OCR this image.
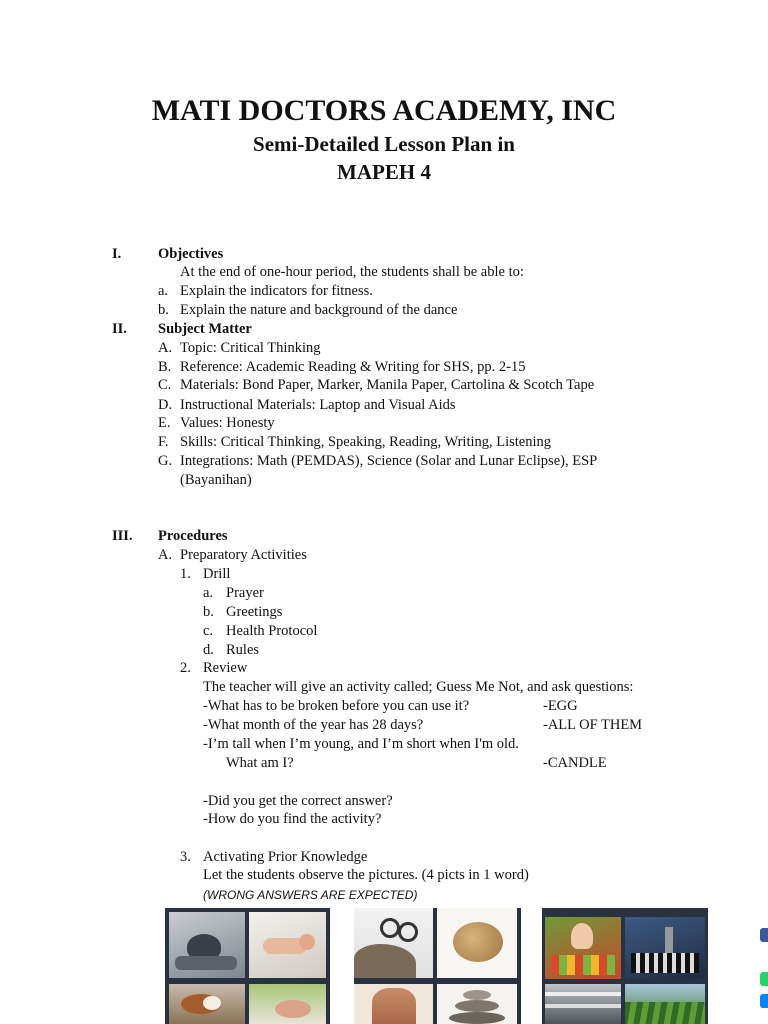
MATI DOCTORS ACADEMY, INC
Semi-Detailed Lesson Plan in
MAPEH 4
I.	Objectives
At the end of one-hour period, the students shall be able to:
a. Explain the indicators for fitness.
b. Explain the nature and background of the dance
II. Subject Matter
A. Topic: Critical Thinking
B. Reference: Academic Reading & Writing for SHS, pp. 2-15
C. Materials: Bond Paper, Marker, Manila Paper, Cartolina & Scotch Tape
D. Instructional Materials: Laptop and Visual Aids
E. Values: Honesty
F. Skills: Critical Thinking, Speaking, Reading, Writing, Listening
G. Integrations: Math (PEMDAS), Science (Solar and Lunar Eclipse), ESP
(Bayanihan)
III. Procedures
A. Preparatory Activities
1. Drill
a. Prayer
b. Greetings
c. Health Protocol
d. Rules
2. Review
The teacher will give an activity called; Guess Me Not, and ask questions:
-What has to be broken before you can use it?	-EGG
-What month of the year has 28 days?	-ALL OF THEM
-I’m tall when I’m young, and I’m short when I'm old.
What am I?	-CANDLE
-Did you get the correct answer?
-How do you find the activity?
3. Activating Prior Knowledge
Let the students observe the pictures. (4 picts in 1 word)
(WRONG ANSWERS ARE EXPECTED)
